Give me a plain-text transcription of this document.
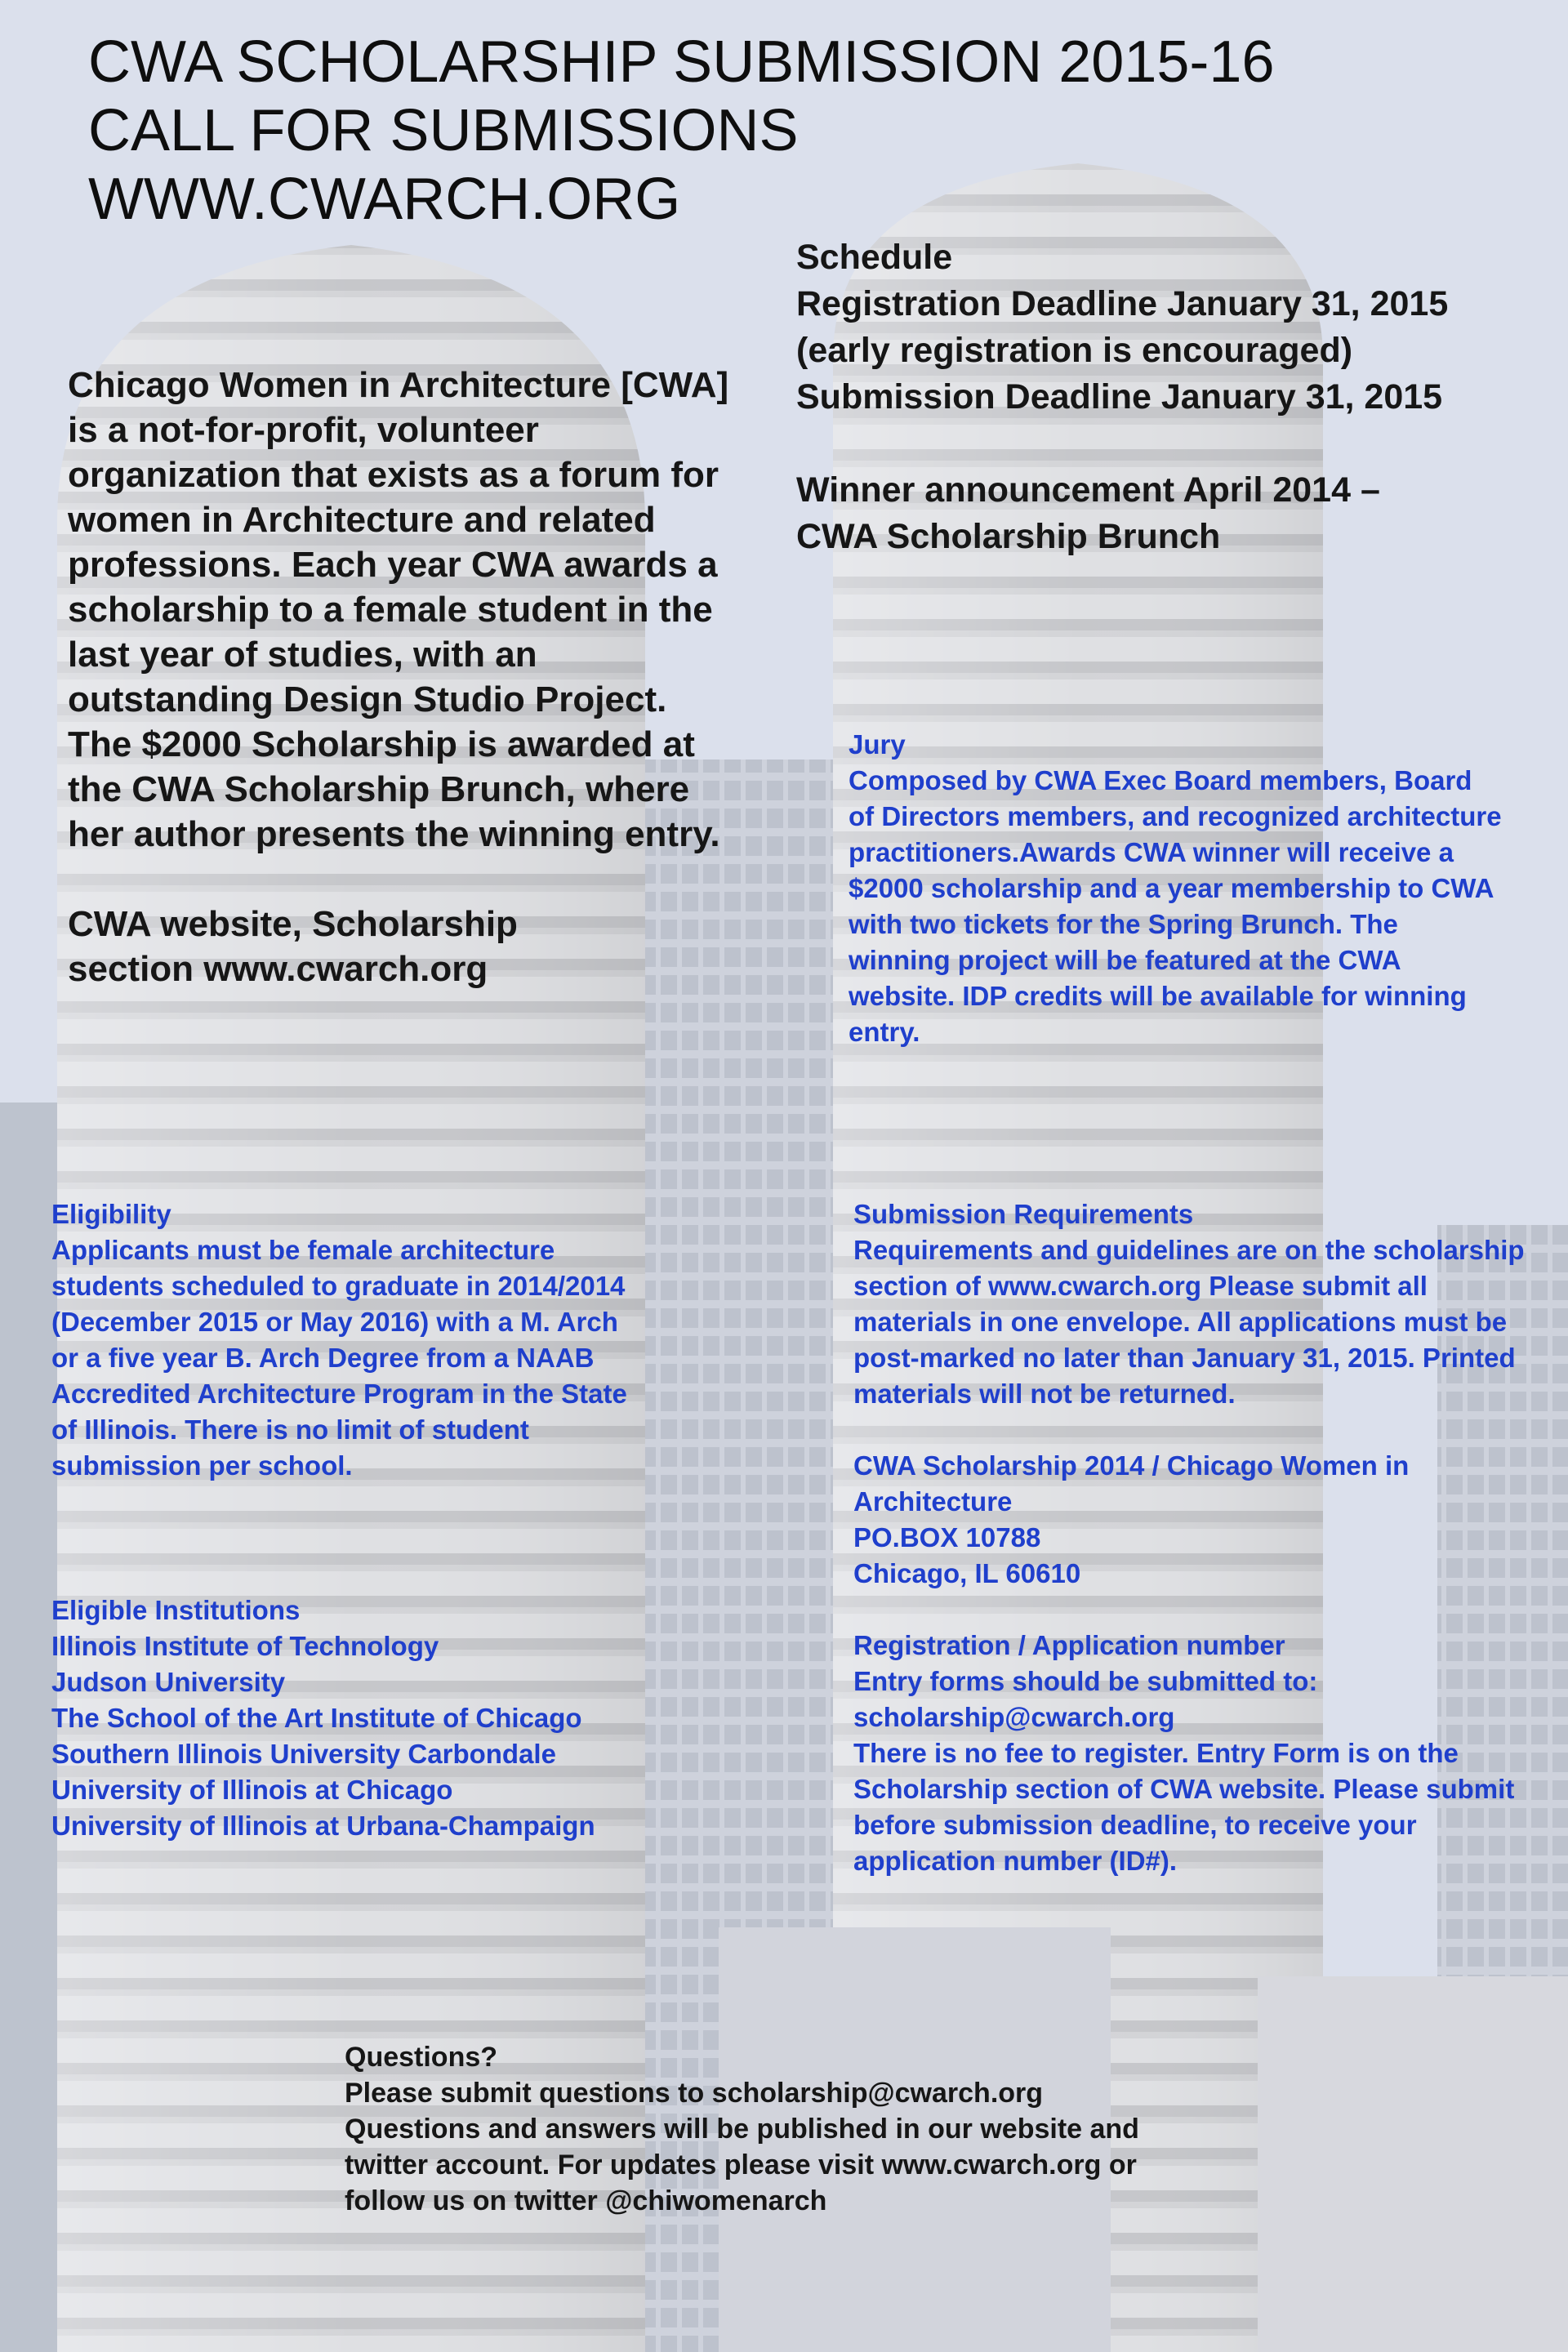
CWA SCHOLARSHIP SUBMISSION 2015-16
CALL FOR SUBMISSIONS
WWW.CWARCH.ORG
Chicago Women in Architecture [CWA] is a not-for-profit, volunteer organization that exists as a forum for women in Architecture and related professions. Each year CWA awards a scholarship to a female student in the last year of studies, with an outstanding Design Studio Project. The $2000 Scholarship is awarded at the CWA Scholarship Brunch, where her author presents the winning entry.
CWA website, Scholarship section www.cwarch.org
Schedule
Registration Deadline January 31, 2015
(early registration is encouraged)
Submission Deadline January 31, 2015
Winner announcement April 2014 – CWA Scholarship Brunch
Jury
Composed by CWA Exec Board members, Board of Directors members, and recognized architecture practitioners.Awards CWA winner will receive a $2000 scholarship and a year membership to CWA with two tickets for the Spring Brunch. The winning project will be featured at the CWA website. IDP credits will be available for winning entry.
Eligibility
Applicants must be female architecture students scheduled to graduate in 2014/2014 (December 2015 or May 2016) with a M. Arch or a five year B. Arch Degree from a NAAB Accredited Architecture Program in the State of Illinois. There is no limit of student submission per school.
Eligible Institutions
Illinois Institute of Technology
Judson University
The School of the Art Institute of Chicago
Southern Illinois University Carbondale
University of Illinois at Chicago
University of Illinois at Urbana-Champaign
Submission Requirements
Requirements and guidelines are on the scholarship section of www.cwarch.org Please submit all materials in one envelope. All applications must be post-marked no later than January 31, 2015. Printed materials will not be returned.
CWA Scholarship 2014 / Chicago Women in Architecture
PO.BOX 10788
Chicago, IL 60610
Registration / Application number
Entry forms should be submitted to:
scholarship@cwarch.org
There is no fee to register. Entry Form is on the Scholarship section of CWA website. Please submit before submission deadline, to receive your application number (ID#).
Questions?
Please submit questions to scholarship@cwarch.org
Questions and answers will be published in our website and twitter account. For updates please visit www.cwarch.org or follow us on twitter @chiwomenarch
